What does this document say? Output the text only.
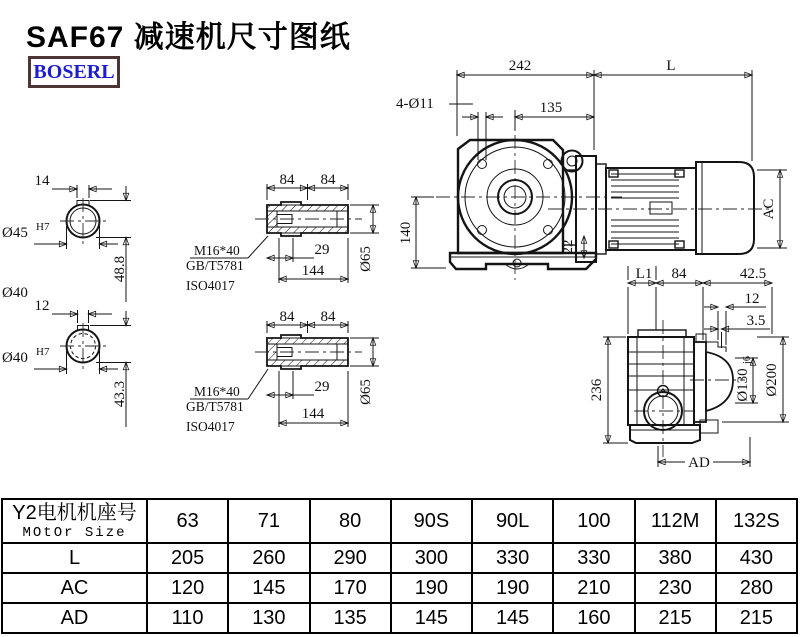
SAF67 减速机尺寸图纸
BOSERL
14
Ø45 H7
48.8
Ø40
12
Ø40 H7
43.3
84 84
29
144 Ø65
M16*40
GB/T5781
ISO4017
84 84
29
144
Ø65
M16*40
GB/T5781
ISO4017
242	L
4-Ø11	135
140
AC
22
236
L1 84	42.5
12
3.5
Ø130
j6
Ø200
AD
Y2电机机座号
MOtOr Size	63	71	80	90S	90L	100	112M	132S
L	205	260	290	300	330	330	380	430
AC	120	145	170	190	190	210	230	280
AD	110	130	135	145	145	160	215	215
